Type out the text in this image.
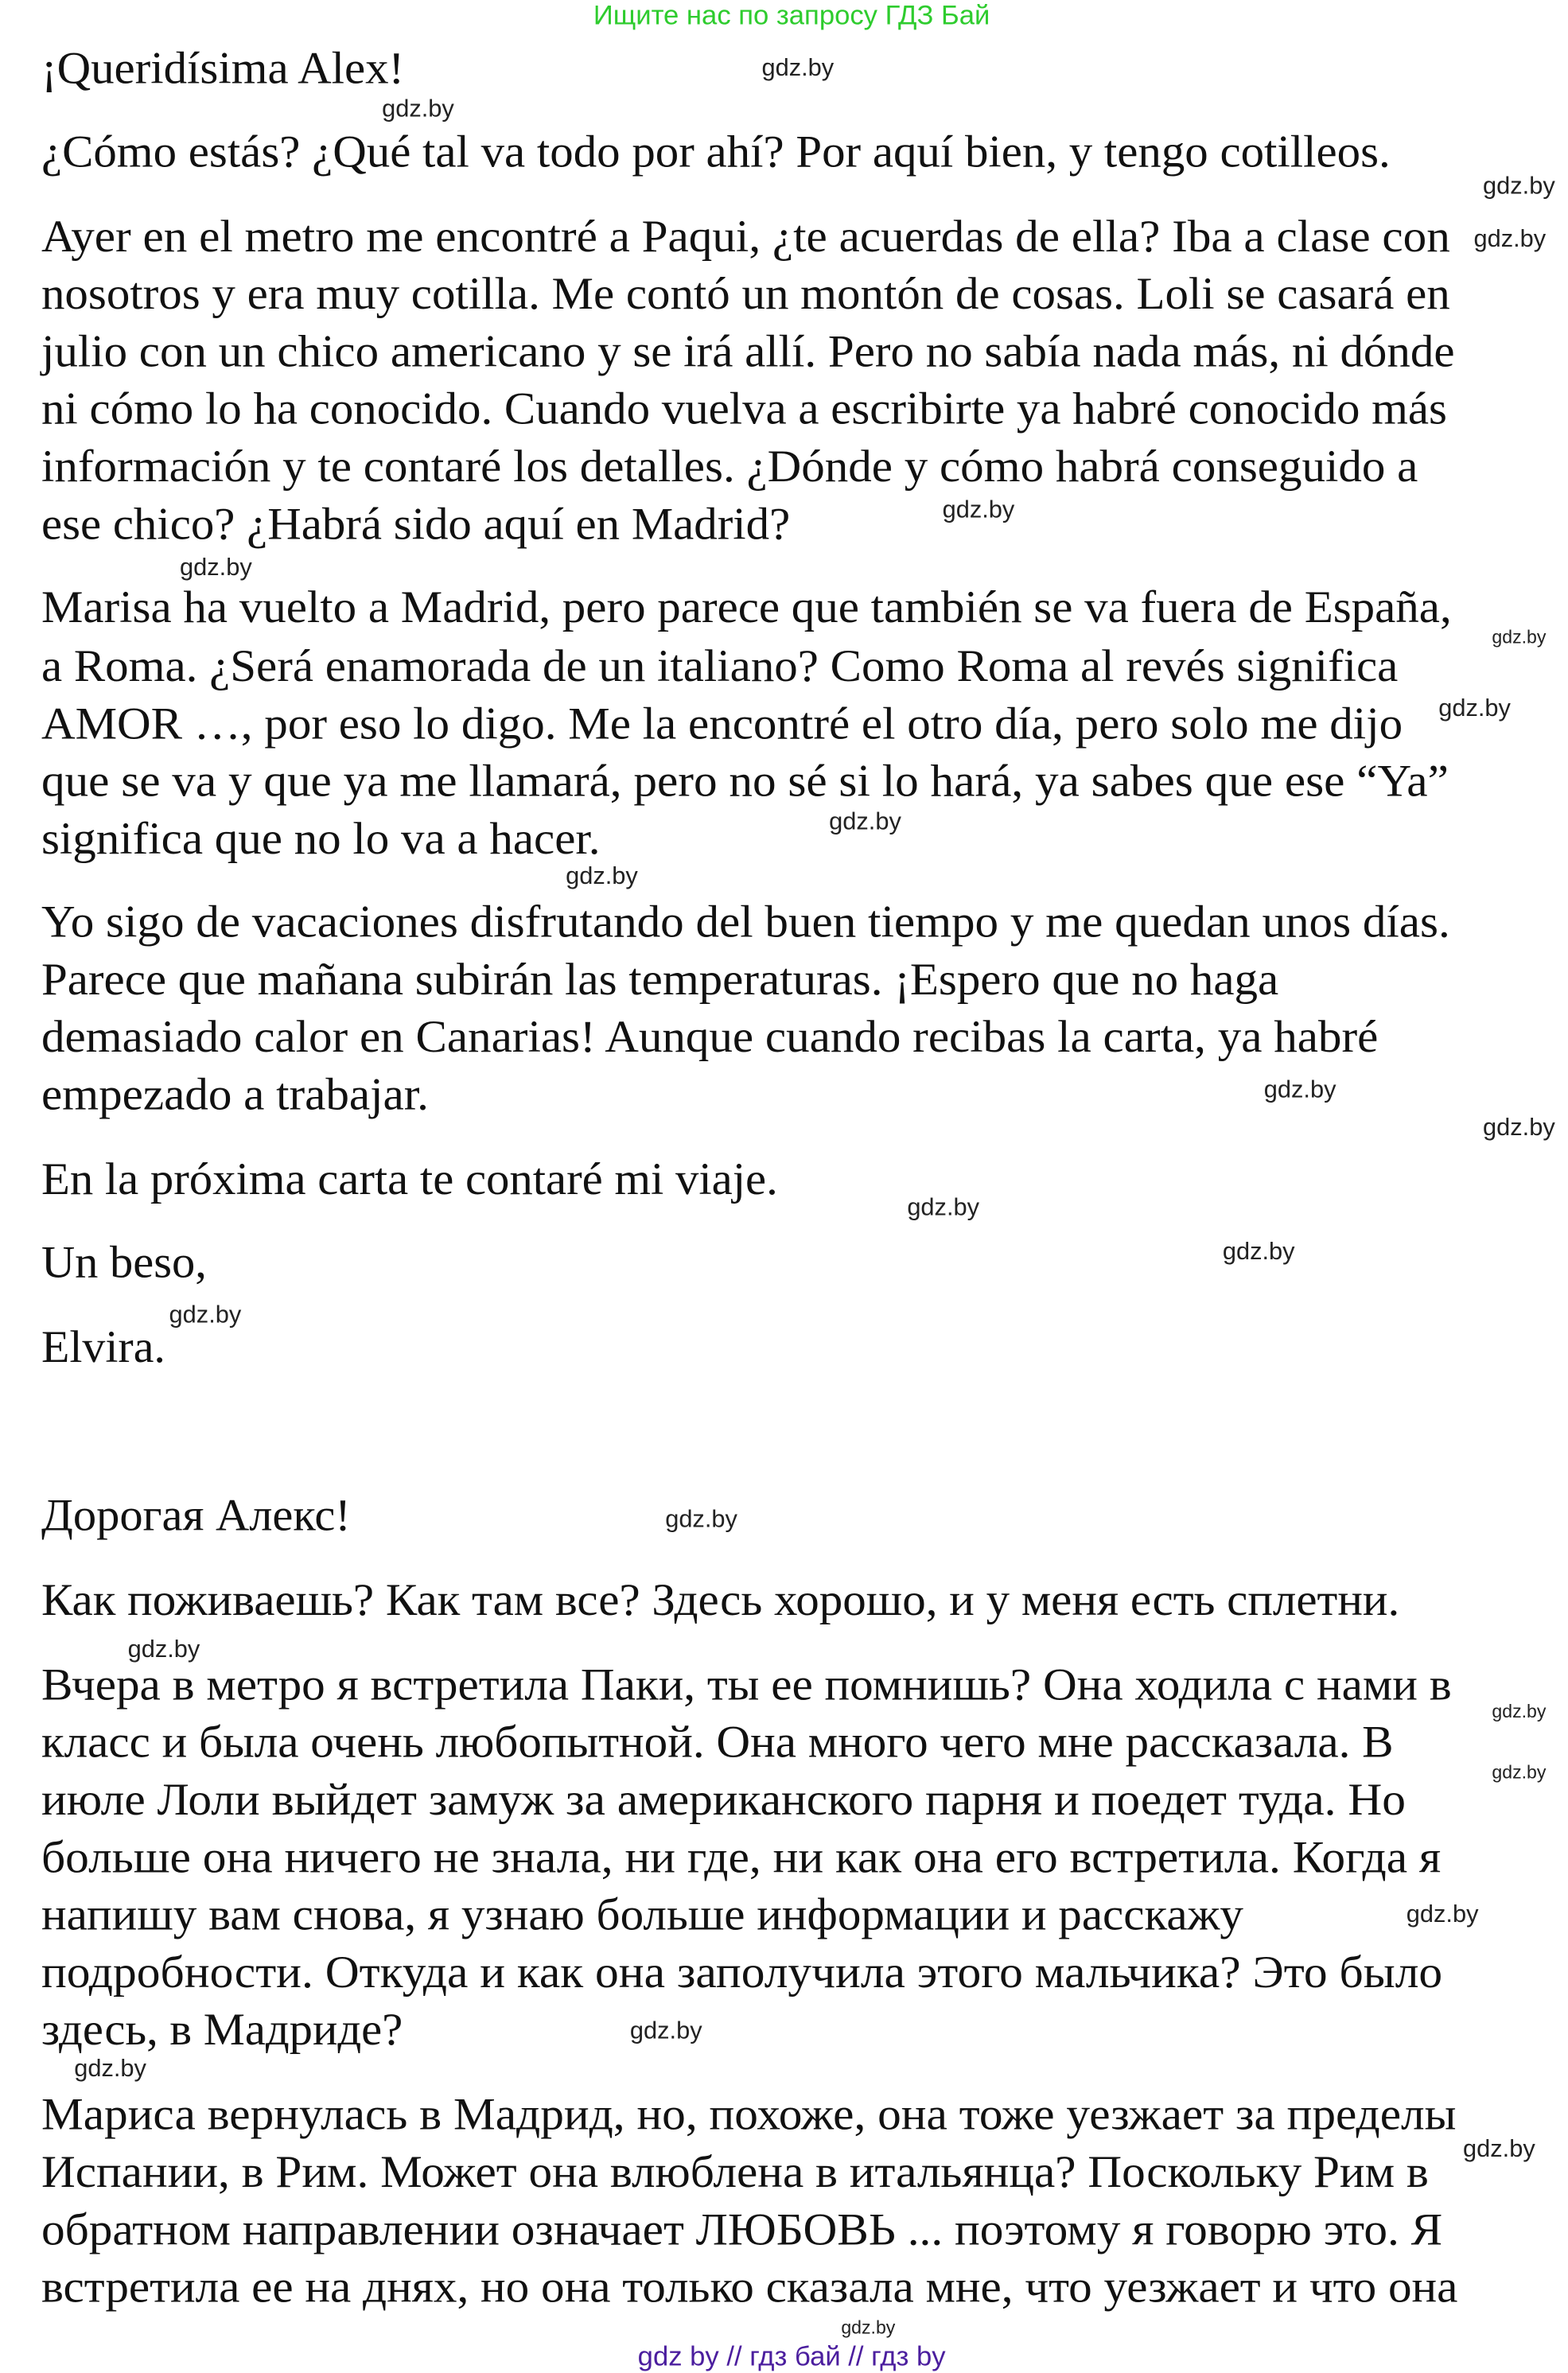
Ищите нас по запросу ГДЗ Бай
¡Queridísima Alex!
¿Cómo estás? ¿Qué tal va todo por ahí? Por aquí bien, y tengo cotilleos.
Ayer en el metro me encontré a Paqui, ¿te acuerdas de ella? Iba a clase con
nosotros y era muy cotilla. Me contó un montón de cosas. Loli se casará en
julio con un chico americano y se irá allí. Pero no sabía nada más, ni dónde
ni cómo lo ha conocido. Cuando vuelva a escribirte ya habré conocido más
información y te contaré los detalles. ¿Dónde y cómo habrá conseguido a
ese chico? ¿Habrá sido aquí en Madrid?
Marisa ha vuelto a Madrid, pero parece que también se va fuera de España,
a Roma. ¿Será enamorada de un italiano? Como Roma al revés significa
AMOR …, por eso lo digo. Me la encontré el otro día, pero solo me dijo
que se va y que ya me llamará, pero no sé si lo hará, ya sabes que ese “Ya”
significa que no lo va a hacer.
Yo sigo de vacaciones disfrutando del buen tiempo y me quedan unos días.
Parece que mañana subirán las temperaturas. ¡Espero que no haga
demasiado calor en Canarias! Aunque cuando recibas la carta, ya habré
empezado a trabajar.
En la próxima carta te contaré mi viaje.
Un beso,
Elvira.
Дорогая Алекс!
Как поживаешь? Как там все? Здесь хорошо, и у меня есть сплетни.
Вчера в метро я встретила Паки, ты ее помнишь? Она ходила с нами в
класс и была очень любопытной. Она много чего мне рассказала. В
июле Лоли выйдет замуж за американского парня и поедет туда. Но
больше она ничего не знала, ни где, ни как она его встретила. Когда я
напишу вам снова, я узнаю больше информации и расскажу
подробности. Откуда и как она заполучила этого мальчика? Это было
здесь, в Мадриде?
Мариса вернулась в Мадрид, но, похоже, она тоже уезжает за пределы
Испании, в Рим. Может она влюблена в итальянца? Поскольку Рим в
обратном направлении означает ЛЮБОВЬ ... поэтому я говорю это. Я
встретила ее на днях, но она только сказала мне, что уезжает и что она
gdz.by
gdz.by
gdz.by
gdz.by
gdz.by
gdz.by
gdz.by
gdz.by
gdz.by
gdz.by
gdz.by
gdz.by
gdz.by
gdz.by
gdz.by
gdz.by
gdz.by
gdz.by
gdz.by
gdz.by
gdz.by
gdz.by
gdz.by
gdz.by
gdz by // гдз бай // гдз by
